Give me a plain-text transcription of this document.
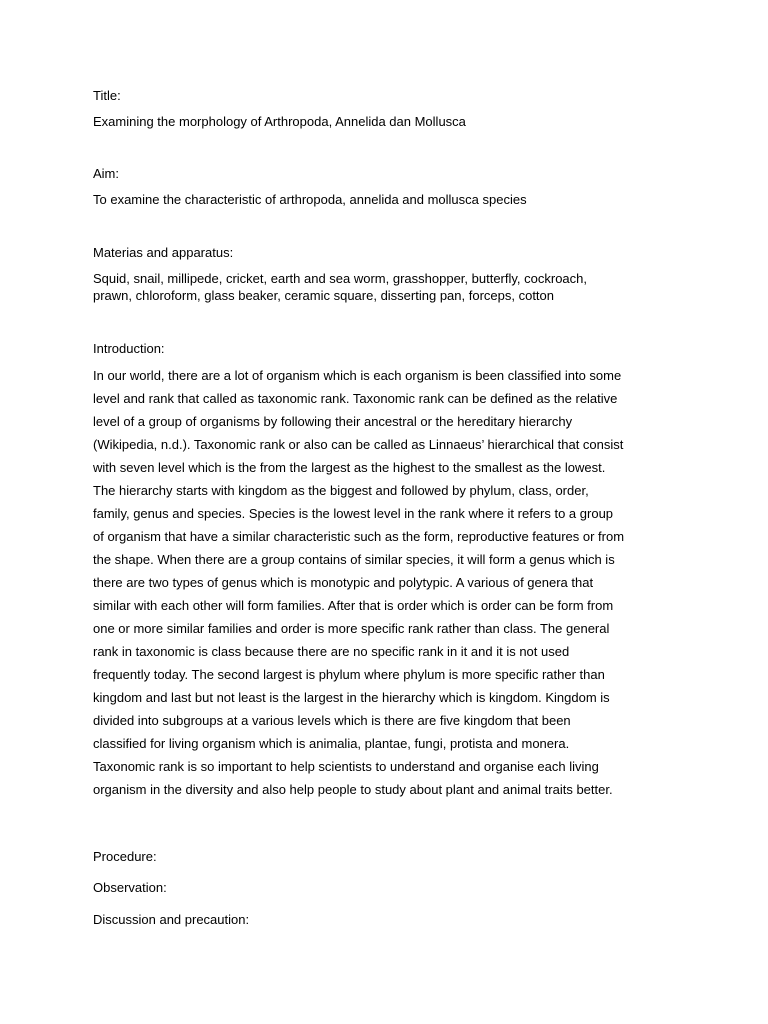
Title:

Examining the morphology of Arthropoda, Annelida dan Mollusca

Aim:

To examine the characteristic of arthropoda, annelida and mollusca species

Materias and apparatus:

Squid, snail, millipede, cricket, earth and sea worm, grasshopper, butterfly, cockroach,
prawn, chloroform, glass beaker, ceramic square, disserting pan, forceps, cotton

Introduction:

In our world, there are a lot of organism which is each organism is been classified into some
level and rank that called as taxonomic rank. Taxonomic rank can be defined as the relative
level of a group of organisms by following their ancestral or the hereditary hierarchy
(Wikipedia, n.d.). Taxonomic rank or also can be called as Linnaeus’ hierarchical that consist
with seven level which is the from the largest as the highest to the smallest as the lowest.
The hierarchy starts with kingdom as the biggest and followed by phylum, class, order,
family, genus and species. Species is the lowest level in the rank where it refers to a group
of organism that have a similar characteristic such as the form, reproductive features or from
the shape. When there are a group contains of similar species, it will form a genus which is
there are two types of genus which is monotypic and polytypic. A various of genera that
similar with each other will form families. After that is order which is order can be form from
one or more similar families and order is more specific rank rather than class. The general
rank in taxonomic is class because there are no specific rank in it and it is not used
frequently today. The second largest is phylum where phylum is more specific rather than
kingdom and last but not least is the largest in the hierarchy which is kingdom. Kingdom is
divided into subgroups at a various levels which is there are five kingdom that been
classified for living organism which is animalia, plantae, fungi, protista and monera.
Taxonomic rank is so important to help scientists to understand and organise each living
organism in the diversity and also help people to study about plant and animal traits better.

Procedure:

Observation:

Discussion and precaution:
